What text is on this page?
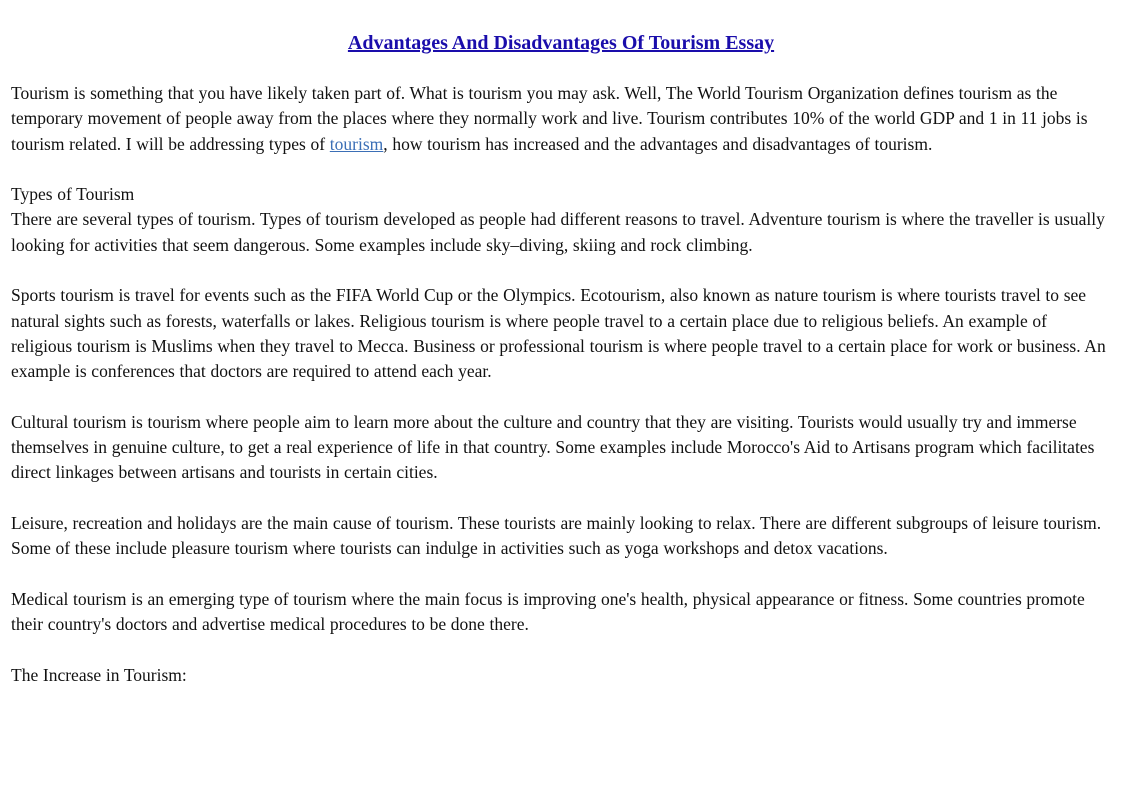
Advantages And Disadvantages Of Tourism Essay

Tourism is something that you have likely taken part of. What is tourism you may ask. Well, The World Tourism Organization defines tourism as the temporary movement of people away from the places where they normally work and live. Tourism contributes 10% of the world GDP and 1 in 11 jobs is tourism related. I will be addressing types of tourism, how tourism has increased and the advantages and disadvantages of tourism.

Types of Tourism

There are several types of tourism. Types of tourism developed as people had different reasons to travel. Adventure tourism is where the traveller is usually looking for activities that seem dangerous. Some examples include sky–diving, skiing and rock climbing.

Sports tourism is travel for events such as the FIFA World Cup or the Olympics. Ecotourism, also known as nature tourism is where tourists travel to see natural sights such as forests, waterfalls or lakes. Religious tourism is where people travel to a certain place due to religious beliefs. An example of religious tourism is Muslims when they travel to Mecca. Business or professional tourism is where people travel to a certain place for work or business. An example is conferences that doctors are required to attend each year.

Cultural tourism is tourism where people aim to learn more about the culture and country that they are visiting. Tourists would usually try and immerse themselves in genuine culture, to get a real experience of life in that country. Some examples include Morocco's Aid to Artisans program which facilitates direct linkages between artisans and tourists in certain cities.

Leisure, recreation and holidays are the main cause of tourism. These tourists are mainly looking to relax. There are different subgroups of leisure tourism. Some of these include pleasure tourism where tourists can indulge in activities such as yoga workshops and detox vacations.

Medical tourism is an emerging type of tourism where the main focus is improving one's health, physical appearance or fitness. Some countries promote their country's doctors and advertise medical procedures to be done there.

The Increase in Tourism:
